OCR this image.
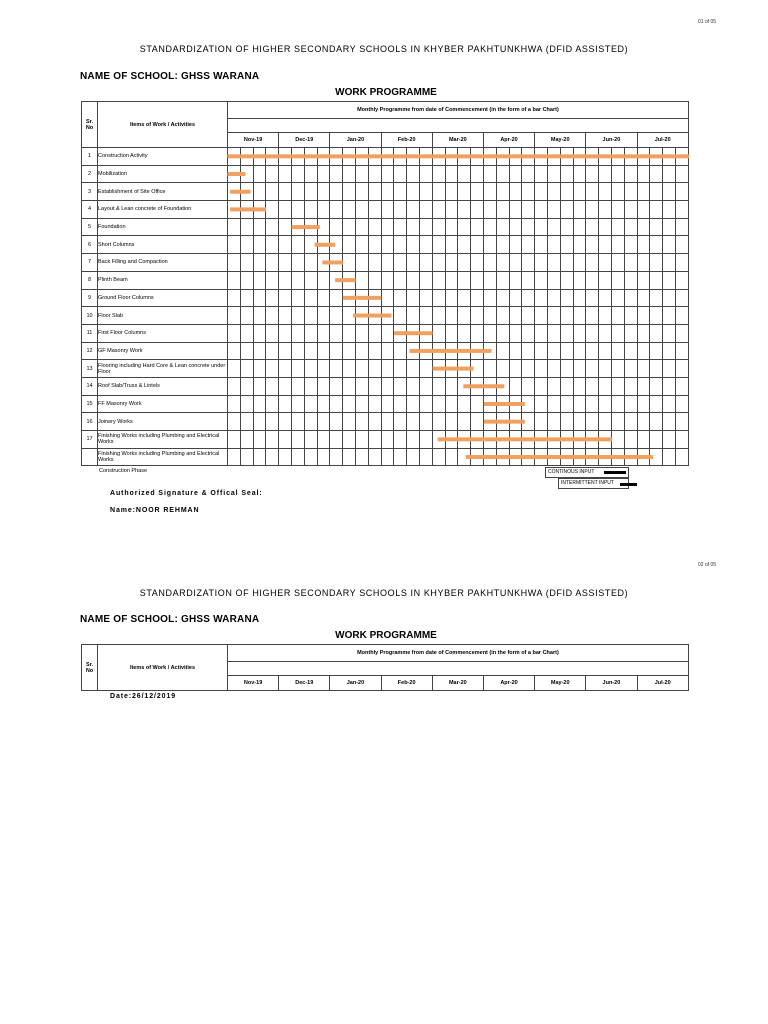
01 of 05
STANDARDIZATION OF HIGHER SECONDARY SCHOOLS IN KHYBER PAKHTUNKHWA (DFID ASSISTED)
NAME OF SCHOOL: GHSS WARANA
WORK PROGRAMME
Sr. No	Items of Work / Activities	Monthly Programme from date of Commencement (in the form of a bar Chart)																																			

		Nov-19				Dec-19				Jan-20				Feb-20				Mar-20				Apr-20				May-20				Jun-20				Jul-20			
1	Construction Activity																																				
2	Mobilization																																				
3	Establishment of Site Office																																				
4	Layout & Lean concrete of Foundation																																				
5	Foundation																																				
6	Short Columns																																				
7	Back Filling and Compaction																																				
8	Plinth Beam																																				
9	Ground Floor Columns																																				
10	Floor Slab																																				
11	First Floor Columns																																				
12	GF Masonry Work																																				
13	Flooring including Hard Core & Lean concrete under Floor																																				
14	Roof Slab/Truss & Lintels																																				
15	FF Masonry Work																																				
16	Joinery Works																																				
17	Finishing Works including Plumbing and Electrical Works																																				
	Finishing Works including Plumbing and Electrical Works																																				
Construction Phase	CONTINOUS INPUT
INTERMITTENT INPUT
Authorized Signature & Offical Seal:
Name:NOOR REHMAN
02 of 05
STANDARDIZATION OF HIGHER SECONDARY SCHOOLS IN KHYBER PAKHTUNKHWA (DFID ASSISTED)
NAME OF SCHOOL: GHSS WARANA
WORK PROGRAMME
Sr. No	Items of Work / Activities	Monthly Programme from date of Commencement (in the form of a bar Chart)								

		Nov-19	Dec-19	Jan-20	Feb-20	Mar-20	Apr-20	May-20	Jun-20	Jul-20
Date:26/12/2019
